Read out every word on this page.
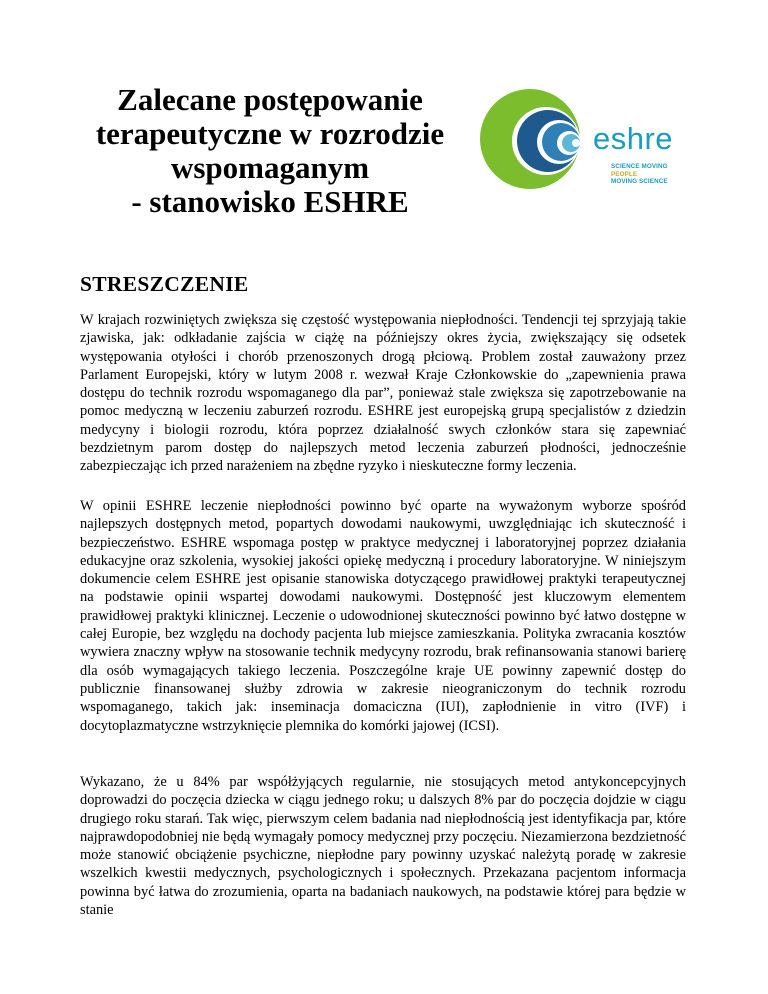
Zalecane postępowanie
terapeutyczne w rozrodzie
wspomaganym
- stanowisko ESHRE
eshre
SCIENCE MOVING
PEOPLE
MOVING SCIENCE
STRESZCZENIE

W krajach rozwiniętych zwiększa się częstość występowania niepłodności. Tendencji tej sprzyjają takie zjawiska, jak: odkładanie zajścia w ciążę na późniejszy okres życia, zwiększający się odsetek występowania otyłości i chorób przenoszonych drogą płciową. Problem został zauważony przez Parlament Europejski, który w lutym 2008 r. wezwał Kraje Członkowskie do „zapewnienia prawa dostępu do technik rozrodu wspomaganego dla par”, ponieważ stale zwiększa się zapotrzebowanie na pomoc medyczną w leczeniu zaburzeń rozrodu. ESHRE jest europejską grupą specjalistów z dziedzin medycyny i biologii rozrodu, która poprzez działalność swych członków stara się zapewniać bezdzietnym parom dostęp do najlepszych metod leczenia zaburzeń płodności, jednocześnie zabezpieczając ich przed narażeniem na zbędne ryzyko i nieskuteczne formy leczenia.

W opinii ESHRE leczenie niepłodności powinno być oparte na wyważonym wyborze spośród najlepszych dostępnych metod, popartych dowodami naukowymi, uwzględniając ich skuteczność i bezpieczeństwo. ESHRE wspomaga postęp w praktyce medycznej i laboratoryjnej poprzez działania edukacyjne oraz szkolenia, wysokiej jakości opiekę medyczną i procedury laboratoryjne. W niniejszym dokumencie celem ESHRE jest opisanie stanowiska dotyczącego prawidłowej praktyki terapeutycznej na podstawie opinii wspartej dowodami naukowymi. Dostępność jest kluczowym elementem prawidłowej praktyki klinicznej. Leczenie o udowodnionej skuteczności powinno być łatwo dostępne w całej Europie, bez względu na dochody pacjenta lub miejsce zamieszkania. Polityka zwracania kosztów wywiera znaczny wpływ na stosowanie technik medycyny rozrodu, brak refinansowania stanowi barierę dla osób wymagających takiego leczenia. Poszczególne kraje UE powinny zapewnić dostęp do publicznie finansowanej służby zdrowia w zakresie nieograniczonym do technik rozrodu wspomaganego, takich jak: inseminacja domaciczna (IUI), zapłodnienie in vitro (IVF) i docytoplazmatyczne wstrzyknięcie plemnika do komórki jajowej (ICSI).

Wykazano, że u 84% par współżyjących regularnie, nie stosujących metod antykoncepcyjnych doprowadzi do poczęcia dziecka w ciągu jednego roku; u dalszych 8% par do poczęcia dojdzie w ciągu drugiego roku starań. Tak więc, pierwszym celem badania nad niepłodnością jest identyfikacja par, które najprawdopodobniej nie będą wymagały pomocy medycznej przy poczęciu. Niezamierzona bezdzietność może stanowić obciążenie psychiczne, niepłodne pary powinny uzyskać należytą poradę w zakresie wszelkich kwestii medycznych, psychologicznych i społecznych. Przekazana pacjentom informacja powinna być łatwa do zrozumienia, oparta na badaniach naukowych, na podstawie której para będzie w stanie
